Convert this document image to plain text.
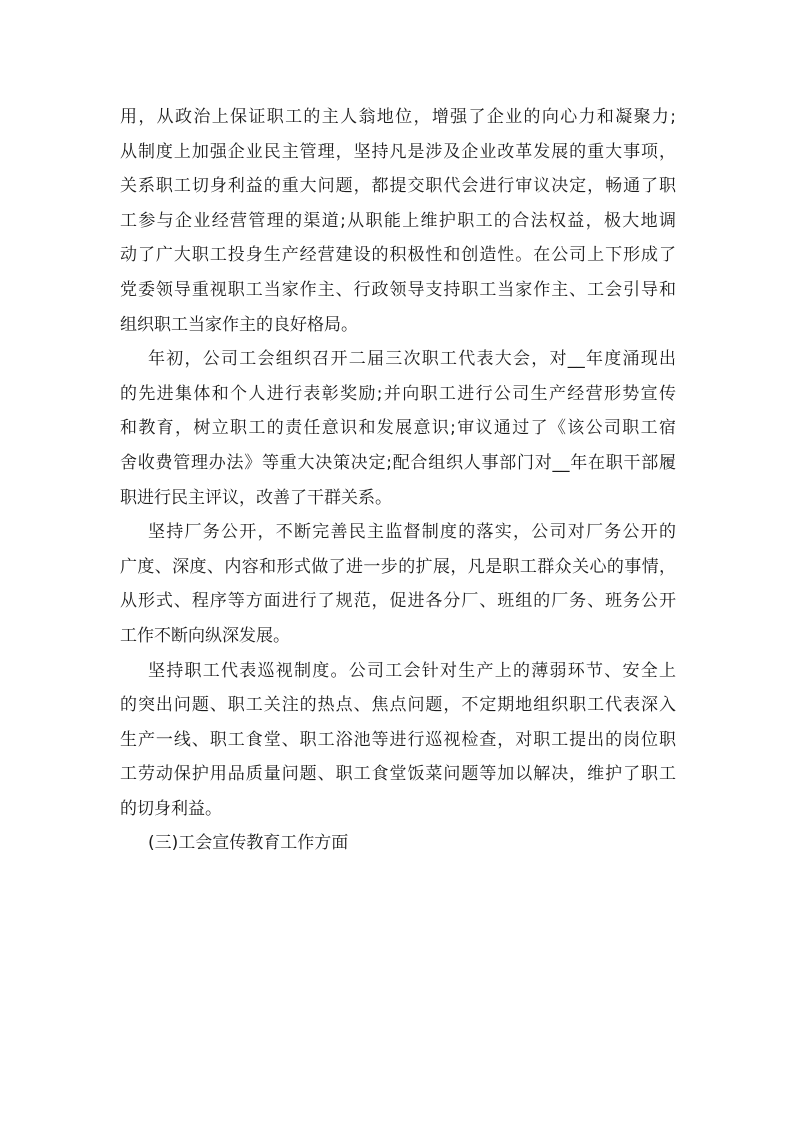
用，从政治上保证职工的主人翁地位，增强了企业的向心力和凝聚力;
从制度上加强企业民主管理，坚持凡是涉及企业改革发展的重大事项，
关系职工切身利益的重大问题，都提交职代会进行审议决定，畅通了职
工参与企业经营管理的渠道;从职能上维护职工的合法权益，极大地调
动了广大职工投身生产经营建设的积极性和创造性。在公司上下形成了
党委领导重视职工当家作主、行政领导支持职工当家作主、工会引导和
组织职工当家作主的良好格局。
年初，公司工会组织召开二届三次职工代表大会，对__年度涌现出
的先进集体和个人进行表彰奖励;并向职工进行公司生产经营形势宣传
和教育，树立职工的责任意识和发展意识;审议通过了《该公司职工宿
舍收费管理办法》等重大决策决定;配合组织人事部门对__年在职干部履
职进行民主评议，改善了干群关系。
坚持厂务公开，不断完善民主监督制度的落实，公司对厂务公开的
广度、深度、内容和形式做了进一步的扩展，凡是职工群众关心的事情，
从形式、程序等方面进行了规范，促进各分厂、班组的厂务、班务公开
工作不断向纵深发展。
坚持职工代表巡视制度。公司工会针对生产上的薄弱环节、安全上
的突出问题、职工关注的热点、焦点问题，不定期地组织职工代表深入
生产一线、职工食堂、职工浴池等进行巡视检查，对职工提出的岗位职
工劳动保护用品质量问题、职工食堂饭菜问题等加以解决，维护了职工
的切身利益。
(三)工会宣传教育工作方面
